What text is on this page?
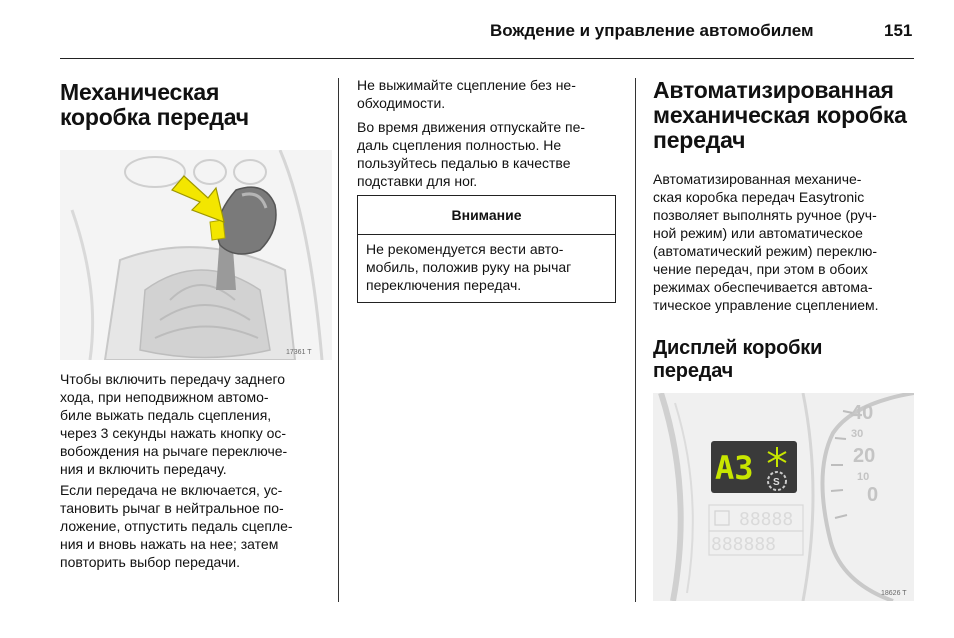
Вождение и управление автомобилем	151
Механическая
коробка передач
17361 T
Чтобы включить передачу заднего
хода, при неподвижном автомо-
биле выжать педаль сцепления,
через 3 секунды нажать кнопку ос-
вобождения на рычаге переключе-
ния и включить передачу.
Если передача не включается, ус-
тановить рычаг в нейтральное по-
ложение, отпустить педаль сцепле-
ния и вновь нажать на нее; затем
повторить выбор передачи.
Не выжимайте сцепление без не-
обходимости.
Во время движения отпускайте пе-
даль сцепления полностью. Не
пользуйтесь педалью в качестве
подставки для ног.
Внимание
Не рекомендуется вести авто-
мобиль, положив руку на рычаг
переключения передач.
Автоматизированная
механическая коробка
передач
Автоматизированная механиче-
ская коробка передач Easytronic
позволяет выполнять ручное (руч-
ной режим) или автоматическое
(автоматический режим) переклю-
чение передач, при этом в обоих
режимах обеспечивается автома-
тическое управление сцеплением.
Дисплей коробки
передач
40
30
20
10
0
A3 S
88888
888888
18626 T
